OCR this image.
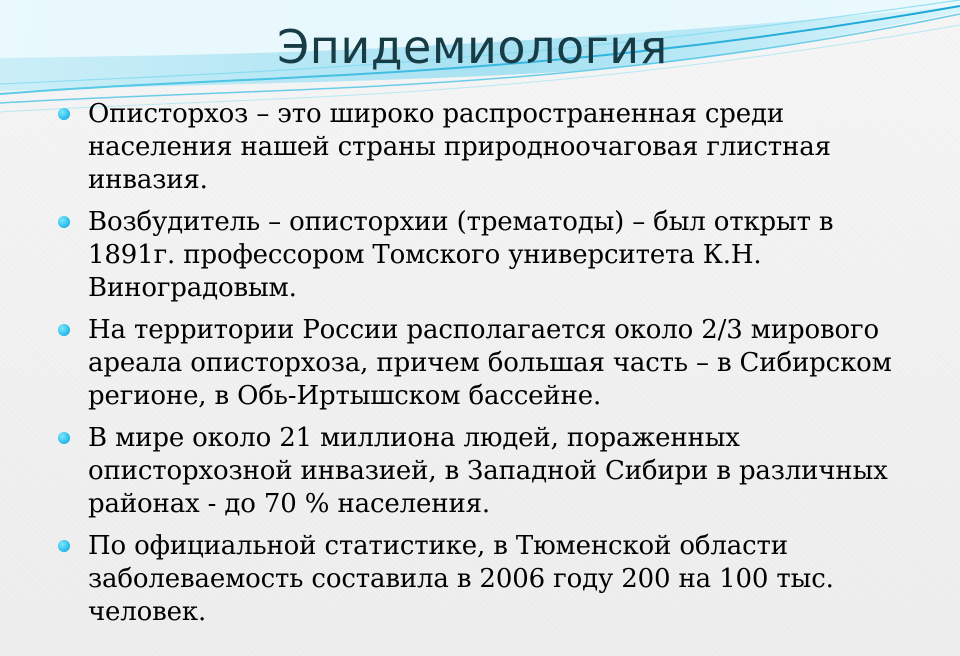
Эпидемиология
Описторхоз – это широко распространенная среди населения нашей страны природноочаговая глистная инвазия.
Возбудитель – описторхии (трематоды) – был открыт в 1891г. профессором Томского университета К.Н. Виноградовым.
На территории России располагается около 2/3 мирового ареала описторхоза, причем большая часть – в Сибирском регионе, в Обь-Иртышском бассейне.
В мире около 21 миллиона людей, пораженных описторхозной инвазией, в Западной Сибири в различных районах - до 70 % населения.
По официальной статистике, в Тюменской области заболеваемость составила в 2006 году 200 на 100 тыс. человек.
